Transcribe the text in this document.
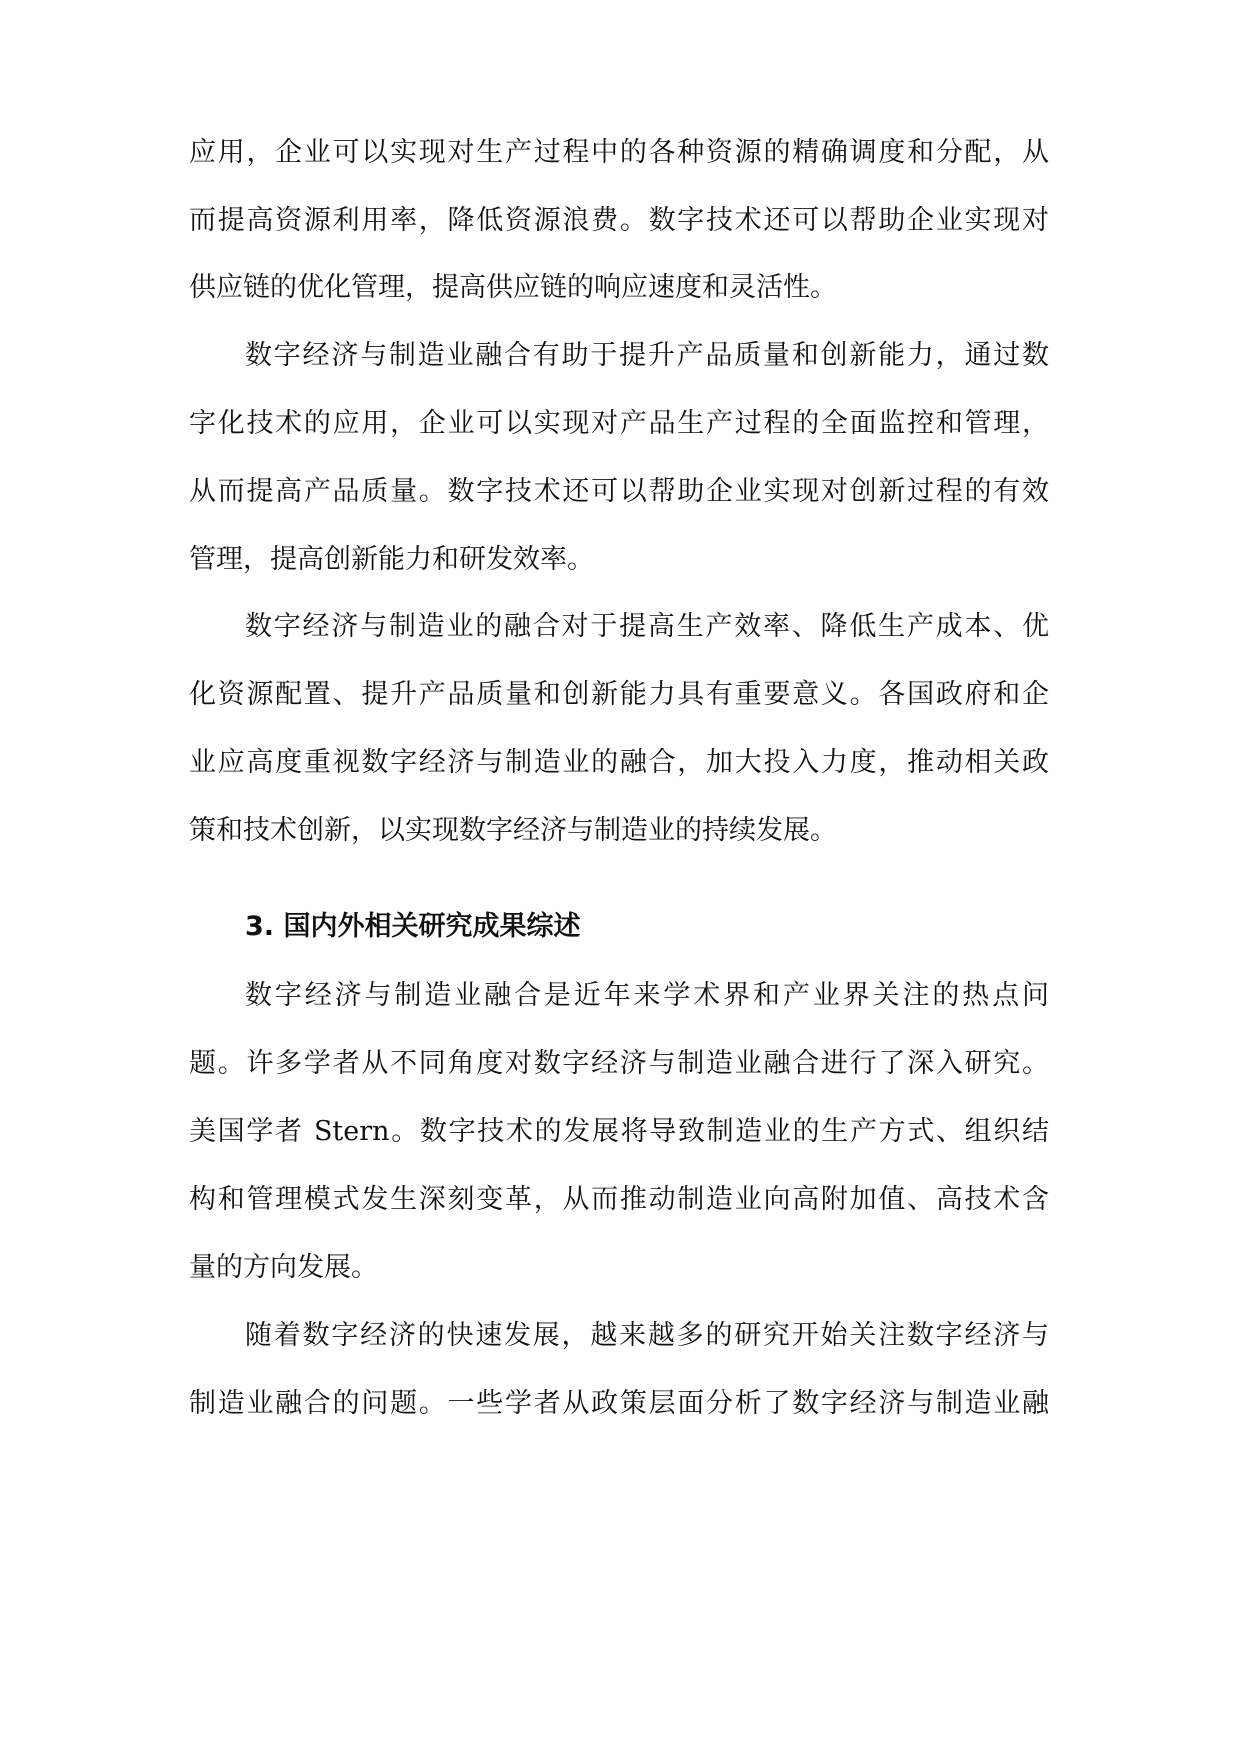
应用，企业可以实现对生产过程中的各种资源的精确调度和分配，从
而提高资源利用率，降低资源浪费。数字技术还可以帮助企业实现对
供应链的优化管理，提高供应链的响应速度和灵活性。
数字经济与制造业融合有助于提升产品质量和创新能力，通过数
字化技术的应用，企业可以实现对产品生产过程的全面监控和管理，
从而提高产品质量。数字技术还可以帮助企业实现对创新过程的有效
管理，提高创新能力和研发效率。
数字经济与制造业的融合对于提高生产效率、降低生产成本、优
化资源配置、提升产品质量和创新能力具有重要意义。各国政府和企
业应高度重视数字经济与制造业的融合，加大投入力度，推动相关政
策和技术创新，以实现数字经济与制造业的持续发展。
3. 国内外相关研究成果综述
数字经济与制造业融合是近年来学术界和产业界关注的热点问
题。许多学者从不同角度对数字经济与制造业融合进行了深入研究。
美国学者 Stern。数字技术的发展将导致制造业的生产方式、组织结
构和管理模式发生深刻变革，从而推动制造业向高附加值、高技术含
量的方向发展。
随着数字经济的快速发展，越来越多的研究开始关注数字经济与
制造业融合的问题。一些学者从政策层面分析了数字经济与制造业融
